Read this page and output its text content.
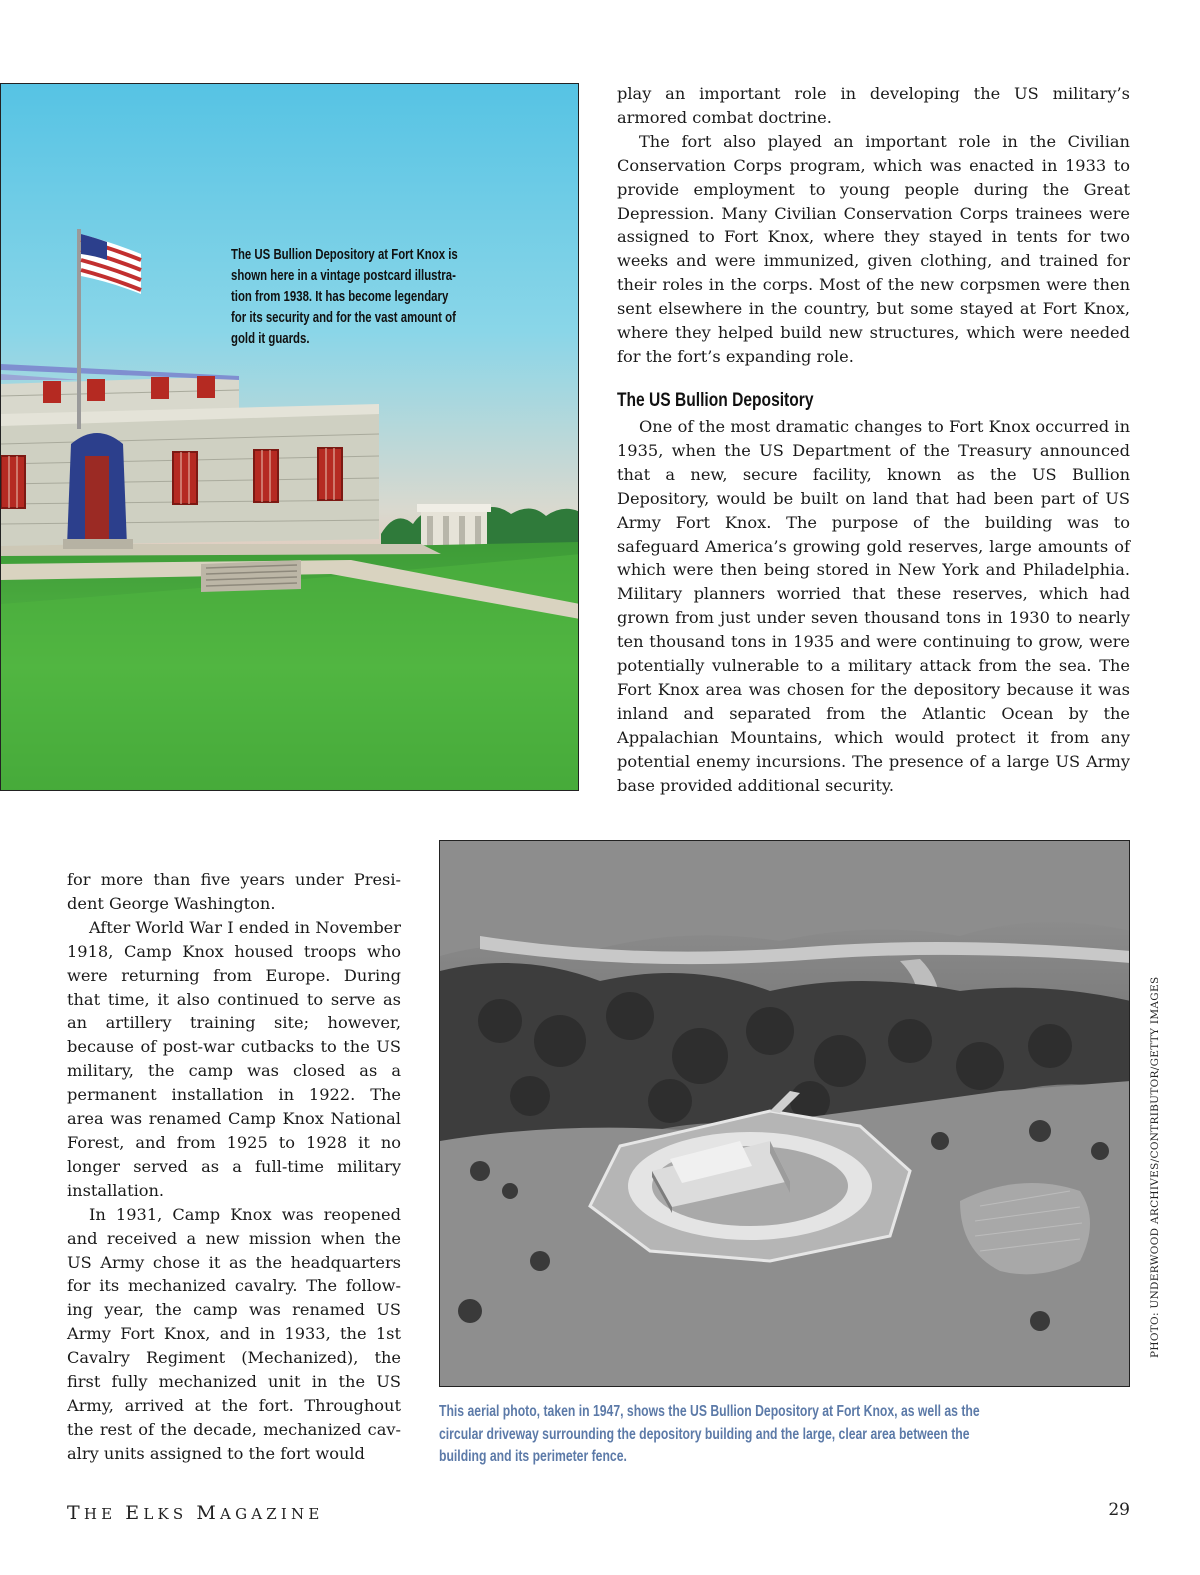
The US Bullion Depository at Fort Knox is
shown here in a vintage postcard illustra-
tion from 1938. It has become legendary
for its security and for the vast amount of
gold it guards.

play an important role in developing the US military’s armored combat doctrine.

The fort also played an important role in the Civilian Conservation Corps program, which was enacted in 1933 to provide employment to young people during the Great Depression. Many Civilian Conservation Corps trainees were assigned to Fort Knox, where they stayed in tents for two weeks and were immunized, given clothing, and trained for their roles in the corps. Most of the new corpsmen were then sent elsewhere in the country, but some stayed at Fort Knox, where they helped build new structures, which were needed for the fort’s expanding role.

The US Bullion Depository

One of the most dramatic changes to Fort Knox occurred in 1935, when the US Department of the Treasury announced that a new, secure facility, known as the US Bullion Depository, would be built on land that had been part of US Army Fort Knox. The purpose of the building was to safeguard America’s growing gold reserves, large amounts of which were then being stored in New York and Philadelphia. Military planners worried that these reserves, which had grown from just under seven thousand tons in 1930 to nearly ten thousand tons in 1935 and were continuing to grow, were potentially vulnerable to a military attack from the sea. The Fort Knox area was chosen for the depository because it was inland and separated from the Atlantic Ocean by the Appalachian Mountains, which would protect it from any potential enemy incursions. The presence of a large US Army base provided additional security.

for more than five years under President George Washington.

After World War I ended in November 1918, Camp Knox housed troops who were returning from Europe. During that time, it also continued to serve as an artillery training site; however, because of post-war cutbacks to the US military, the camp was closed as a permanent installation in 1922. The area was renamed Camp Knox National Forest, and from 1925 to 1928 it no longer served as a full-time military installation.

In 1931, Camp Knox was reopened and received a new mission when the US Army chose it as the headquarters for its mechanized cavalry. The following year, the camp was renamed US Army Fort Knox, and in 1933, the 1st Cavalry Regiment (Mechanized), the first fully mechanized unit in the US Army, arrived at the fort. Throughout the rest of the decade, mechanized cavalry units assigned to the fort would

PHOTO: UNDERWOOD ARCHIVES/CONTRIBUTOR/GETTY IMAGES
This aerial photo, taken in 1947, shows the US Bullion Depository at Fort Knox, as well as the
circular driveway surrounding the depository building and the large, clear area between the
building and its perimeter fence.
THE ELKS MAGAZINE	29
